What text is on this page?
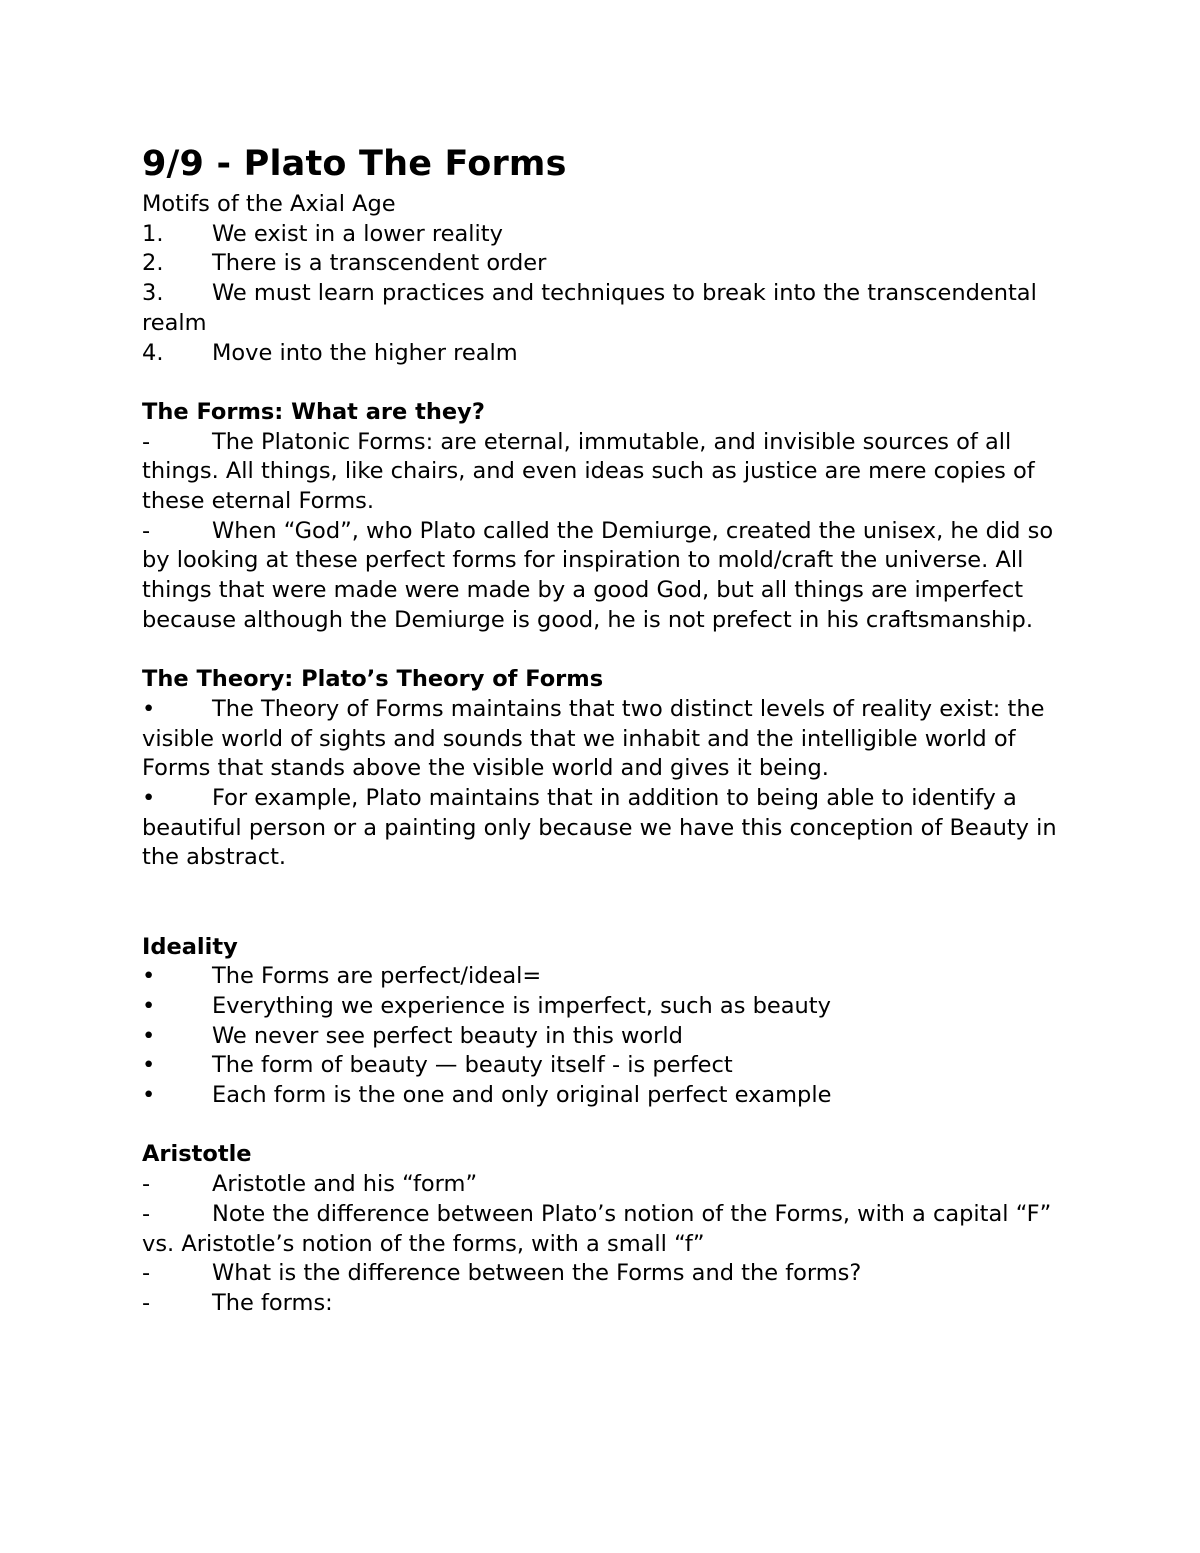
9/9 - Plato The Forms
Motifs of the Axial Age
1. We exist in a lower reality
2. There is a transcendent order
3. We must learn practices and techniques to break into the transcendental realm
4. Move into the higher realm
The Forms: What are they?
-	The Platonic Forms: are eternal, immutable, and invisible sources of all things. All things, like chairs, and even ideas such as justice are mere copies of these eternal Forms.
-	When “God”, who Plato called the Demiurge, created the unisex, he did so by looking at these perfect forms for inspiration to mold/craft the universe. All things that were made were made by a good God, but all things are imperfect because although the Demiurge is good, he is not prefect in his craftsmanship.
The Theory: Plato’s Theory of Forms
•	The Theory of Forms maintains that two distinct levels of reality exist: the visible world of sights and sounds that we inhabit and the intelligible world of Forms that stands above the visible world and gives it being.
•	For example, Plato maintains that in addition to being able to identify a beautiful person or a painting only because we have this conception of Beauty in the abstract.
Ideality
•	The Forms are perfect/ideal=
•	Everything we experience is imperfect, such as beauty
•	We never see perfect beauty in this world
•	The form of beauty — beauty itself - is perfect
•	Each form is the one and only original perfect example
Aristotle
-	Aristotle and his “form”
-	Note the difference between Plato’s notion of the Forms, with a capital “F” vs. Aristotle’s notion of the forms, with a small “f”
-	What is the difference between the Forms and the forms?
-	The forms:
